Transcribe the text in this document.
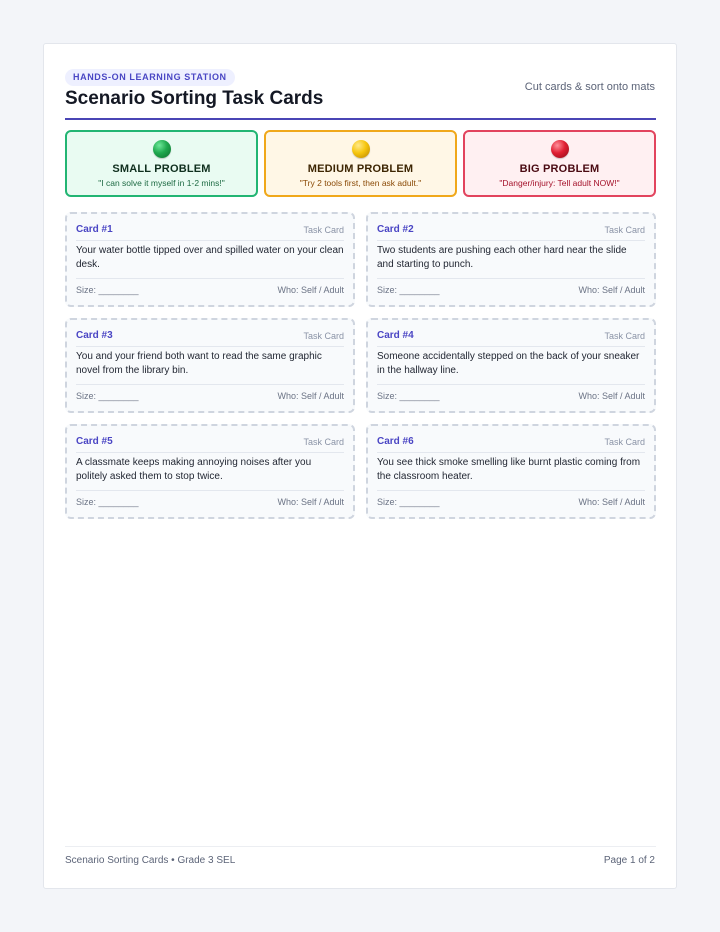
HANDS-ON LEARNING STATION
Scenario Sorting Task Cards
Cut cards & sort onto mats
SMALL PROBLEM
"I can solve it myself in 1-2 mins!"
MEDIUM PROBLEM
"Try 2 tools first, then ask adult."
BIG PROBLEM
"Danger/injury: Tell adult NOW!"
Card #1	Task Card
Your water bottle tipped over and spilled water on your clean desk.
Size: ________	Who: Self / Adult
Card #2	Task Card
Two students are pushing each other hard near the slide and starting to punch.
Size: ________	Who: Self / Adult
Card #3	Task Card
You and your friend both want to read the same graphic novel from the library bin.
Size: ________	Who: Self / Adult
Card #4	Task Card
Someone accidentally stepped on the back of your sneaker in the hallway line.
Size: ________	Who: Self / Adult
Card #5	Task Card
A classmate keeps making annoying noises after you politely asked them to stop twice.
Size: ________	Who: Self / Adult
Card #6	Task Card
You see thick smoke smelling like burnt plastic coming from the classroom heater.
Size: ________	Who: Self / Adult
Scenario Sorting Cards • Grade 3 SEL	Page 1 of 2
